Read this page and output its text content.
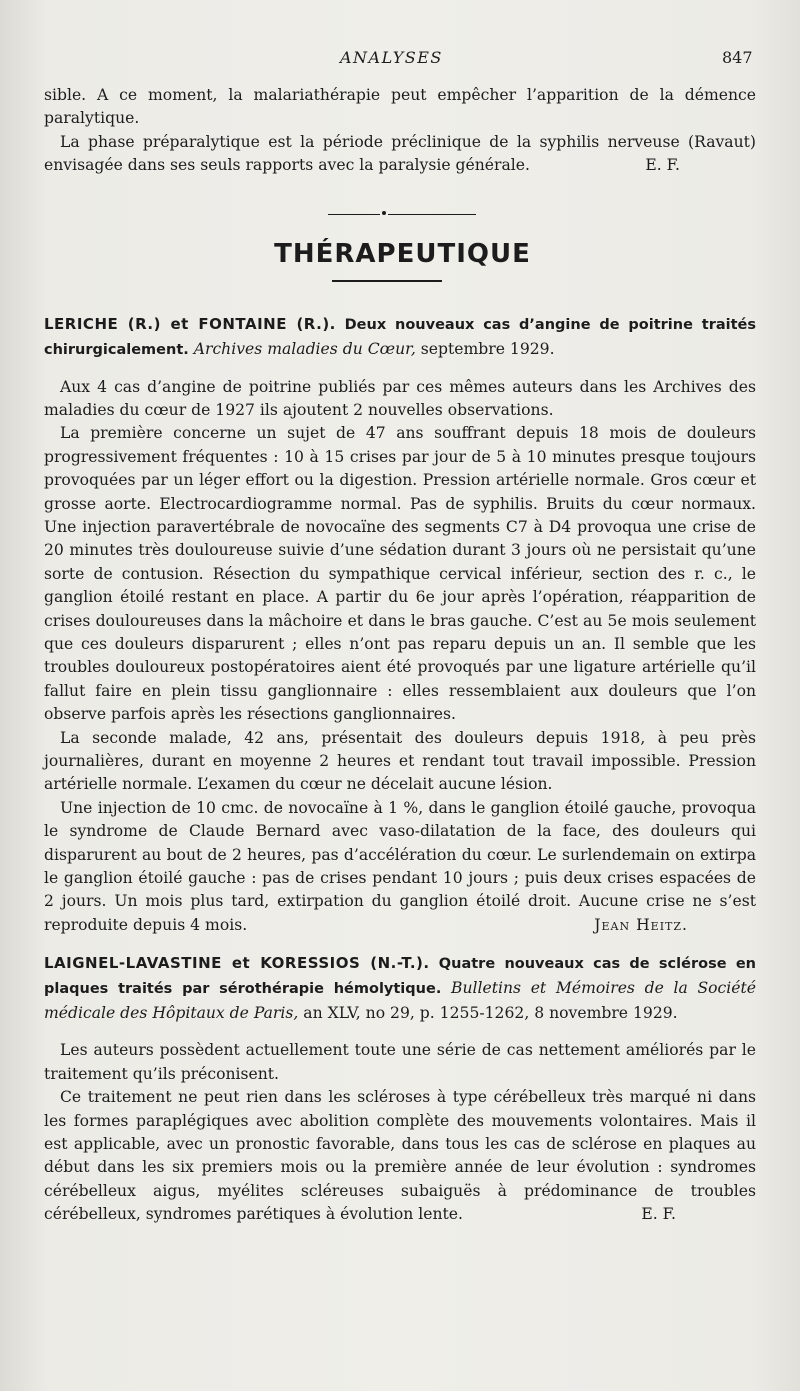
ANALYSES	847

sible. A ce moment, la malariathérapie peut empêcher l’apparition de la démence paralytique.

La phase préparalytique est la période préclinique de la syphilis nerveuse (Ravaut) envisagée dans ses seuls rapports avec la paralysie générale.	E. F.

THÉRAPEUTIQUE
LERICHE (R.) et FONTAINE (R.). Deux nouveaux cas d’angine de poitrine traités chirurgicalement. Archives maladies du Cœur, septembre 1929.

Aux 4 cas d’angine de poitrine publiés par ces mêmes auteurs dans les Archives des maladies du cœur de 1927 ils ajoutent 2 nouvelles observations.

La première concerne un sujet de 47 ans souffrant depuis 18 mois de douleurs progressivement fréquentes : 10 à 15 crises par jour de 5 à 10 minutes presque toujours provoquées par un léger effort ou la digestion. Pression artérielle normale. Gros cœur et grosse aorte. Electrocardiogramme normal. Pas de syphilis. Bruits du cœur normaux. Une injection paravertébrale de novocaïne des segments C7 à D4 provoqua une crise de 20 minutes très douloureuse suivie d’une sédation durant 3 jours où ne persistait qu’une sorte de contusion. Résection du sympathique cervical inférieur, section des r. c., le ganglion étoilé restant en place. A partir du 6e jour après l’opération, réapparition de crises douloureuses dans la mâchoire et dans le bras gauche. C’est au 5e mois seulement que ces douleurs disparurent ; elles n’ont pas reparu depuis un an. Il semble que les troubles douloureux postopératoires aient été provoqués par une ligature artérielle qu’il fallut faire en plein tissu ganglionnaire : elles ressemblaient aux douleurs que l’on observe parfois après les résections ganglionnaires.

La seconde malade, 42 ans, présentait des douleurs depuis 1918, à peu près journalières, durant en moyenne 2 heures et rendant tout travail impossible. Pression artérielle normale. L’examen du cœur ne décelait aucune lésion.

Une injection de 10 cmc. de novocaïne à 1 %, dans le ganglion étoilé gauche, provoqua le syndrome de Claude Bernard avec vaso-dilatation de la face, des douleurs qui disparurent au bout de 2 heures, pas d’accélération du cœur. Le surlendemain on extirpa le ganglion étoilé gauche : pas de crises pendant 10 jours ; puis deux crises espacées de 2 jours. Un mois plus tard, extirpation du ganglion étoilé droit. Aucune crise ne s’est reproduite depuis 4 mois.	Jean Heitz.

LAIGNEL-LAVASTINE et KORESSIOS (N.-T.). Quatre nouveaux cas de sclérose en plaques traités par sérothérapie hémolytique. Bulletins et Mémoires de la Société médicale des Hôpitaux de Paris, an XLV, no 29, p. 1255-1262, 8 novembre 1929.

Les auteurs possèdent actuellement toute une série de cas nettement améliorés par le traitement qu’ils préconisent.

Ce traitement ne peut rien dans les scléroses à type cérébelleux très marqué ni dans les formes paraplégiques avec abolition complète des mouvements volontaires. Mais il est applicable, avec un pronostic favorable, dans tous les cas de sclérose en plaques au début dans les six premiers mois ou la première année de leur évolution : syndromes cérébelleux aigus, myélites scléreuses subaiguës à prédominance de troubles cérébelleux, syndromes parétiques à évolution lente.	E. F.
